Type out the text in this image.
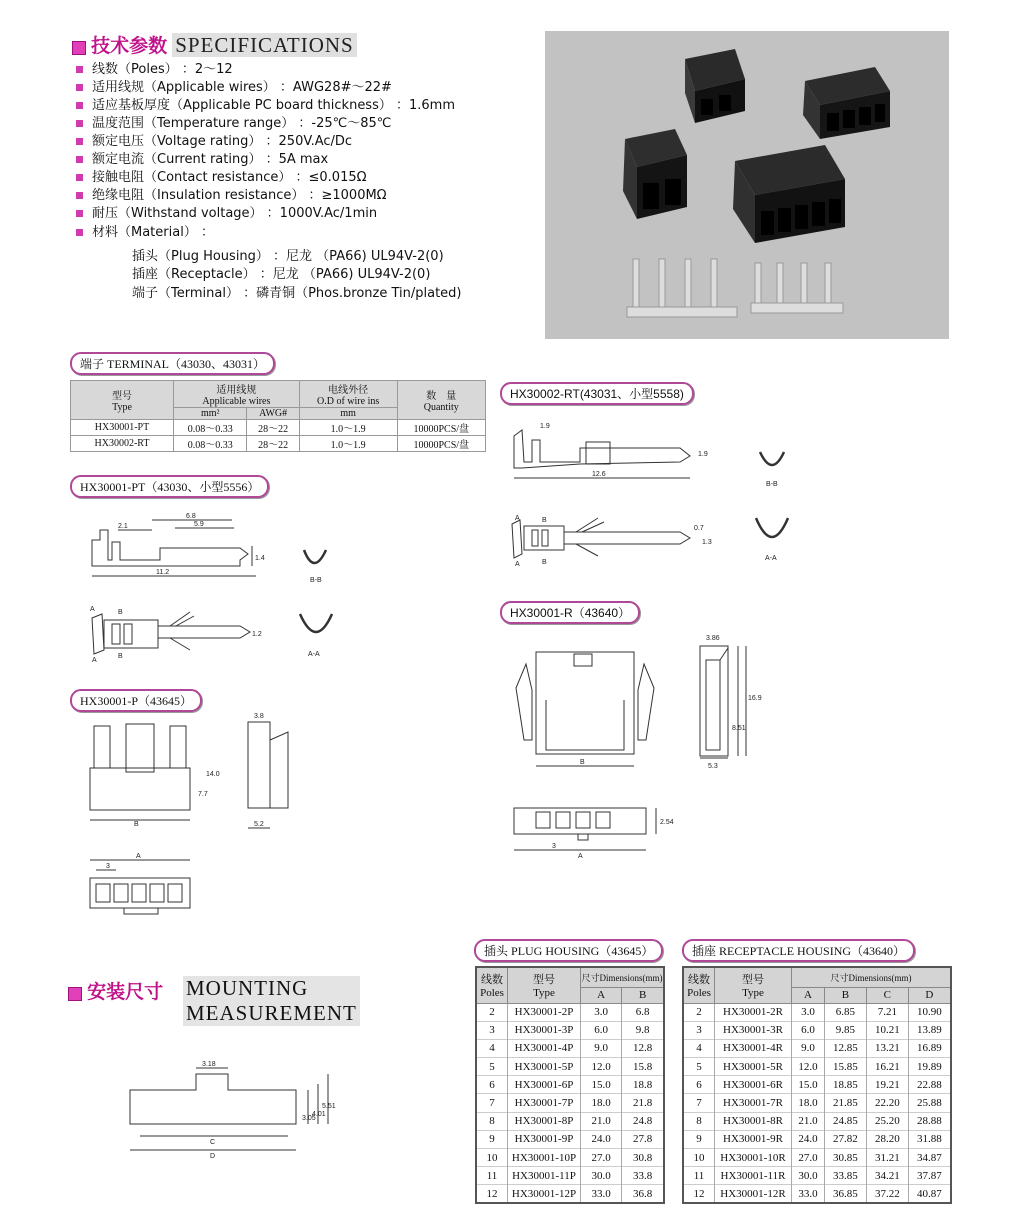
技术参数 SPECIFICATIONS
线数（Poles） ：2～12
适用线规（Applicable wires） ：AWG28#～22#
适应基板厚度（Applicable PC board thickness） ：1.6mm
温度范围（Temperature range） ：-25℃～85℃
额定电压（Voltage rating） ：250V.Ac/Dc
额定电流（Current rating） ：5A max
接触电阻（Contact resistance） ：≤0.015Ω
绝缘电阻（Insulation resistance） ：≥1000MΩ
耐压（Withstand voltage） ：1000V.Ac/1min
材料（Material） ：
插头（Plug Housing） ：尼龙 （PA66) UL94V-2(0)
插座（Receptacle） ：尼龙 （PA66) UL94V-2(0)
端子（Terminal） ：磷青铜（Phos.bronze Tin/plated)
端子 TERMINAL（43030、43031）
型号
Type	适用线规
Applicable wires		电线外径
O.D of wire ins	数　量
Quantity
	mm²	AWG#	mm	
HX30001-PT	0.08～0.33	28～22	1.0～1.9	10000PCS/盘
HX30002-RT	0.08～0.33	28～22	1.0～1.9	10000PCS/盘
HX30002-RT(43031、小型5558)
HX30001-PT（43030、小型5556）
HX30001-R（43640）
HX30001-P（43645）
2.1
6.8
5.9
11.2
1.4
A	B
A
B
1.2
B-B
A-A
1.9
12.6
1.9
A	B
A	B
0.7
1.3
B-B
A-A
B
3.86
16.9
8.51
5.3
2.54
3
A
B
14.0
7.7
3.8
5.2
A
3
3.18
3.05
4.01
5.51
C
D
安装尺寸 MOUNTING
MEASUREMENT
插头 PLUG HOUSING（43645）
线数
Poles	型号
Type	尺寸Dimensions(mm)	
		A	B
2	HX30001-2P	3.0	6.8
3	HX30001-3P	6.0	9.8
4	HX30001-4P	9.0	12.8
5	HX30001-5P	12.0	15.8
6	HX30001-6P	15.0	18.8
7	HX30001-7P	18.0	21.8
8	HX30001-8P	21.0	24.8
9	HX30001-9P	24.0	27.8
10	HX30001-10P	27.0	30.8
11	HX30001-11P	30.0	33.8
12	HX30001-12P	33.0	36.8
插座 RECEPTACLE HOUSING（43640）
线数
Poles	型号
Type	尺寸Dimensions(mm)			
		A	B	C	D
2	HX30001-2R	3.0	6.85	7.21	10.90
3	HX30001-3R	6.0	9.85	10.21	13.89
4	HX30001-4R	9.0	12.85	13.21	16.89
5	HX30001-5R	12.0	15.85	16.21	19.89
6	HX30001-6R	15.0	18.85	19.21	22.88
7	HX30001-7R	18.0	21.85	22.20	25.88
8	HX30001-8R	21.0	24.85	25.20	28.88
9	HX30001-9R	24.0	27.82	28.20	31.88
10	HX30001-10R	27.0	30.85	31.21	34.87
11	HX30001-11R	30.0	33.85	34.21	37.87
12	HX30001-12R	33.0	36.85	37.22	40.87
